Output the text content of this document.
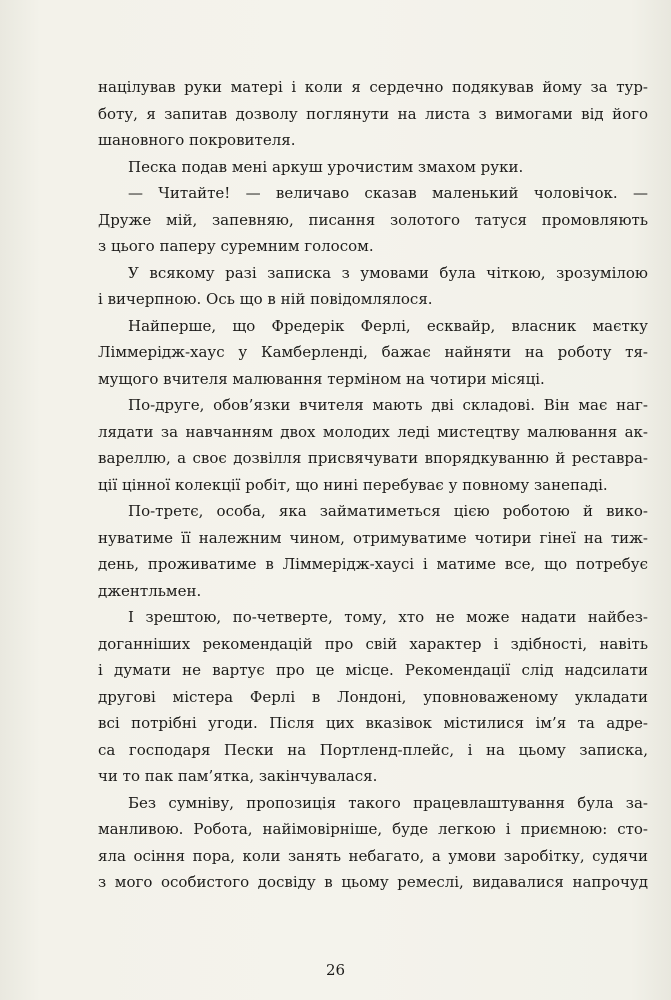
націлував руки матері і коли я сердечно подякував йому за тур-
боту, я запитав дозволу поглянути на листа з вимогами від його
шановного покровителя.
Песка подав мені аркуш урочистим змахом руки.
— Читайте! — величаво сказав маленький чоловічок. —
Друже мій, запевняю, писання золотого татуся промовляють
з цього паперу суремним голосом.
У всякому разі записка з умовами була чіткою, зрозумілою
і вичерпною. Ось що в ній повідомлялося.
Найперше, що Фредерік Ферлі, есквайр, власник маєтку
Ліммерідж-хаус у Камберленді, бажає найняти на роботу тя-
мущого вчителя малювання терміном на чотири місяці.
По-друге, обов’язки вчителя мають дві складові. Він має наг-
лядати за навчанням двох молодих леді мистецтву малювання ак-
вареллю, а своє дозвілля присвячувати впорядкуванню й реставра-
ції цінної колекції робіт, що нині перебуває у повному занепаді.
По-третє, особа, яка займатиметься цією роботою й вико-
нуватиме її належним чином, отримуватиме чотири гінеї на тиж-
день, проживатиме в Ліммерідж-хаусі і матиме все, що потребує
джентльмен.
І зрештою, по-четверте, тому, хто не може надати найбез-
доганніших рекомендацій про свій характер і здібності, навіть
і думати не вартує про це місце. Рекомендації слід надсилати
другові містера Ферлі в Лондоні, уповноваженому укладати
всі потрібні угоди. Після цих вказівок містилися ім’я та адре-
са господаря Пески на Портленд-плейс, і на цьому записка,
чи то пак пам’ятка, закінчувалася.
Без сумніву, пропозиція такого працевлаштування була за-
манливою. Робота, найімовірніше, буде легкою і приємною: сто-
яла осіння пора, коли занять небагато, а умови заробітку, судячи
з мого особистого досвіду в цьому ремеслі, видавалися напрочуд
26
